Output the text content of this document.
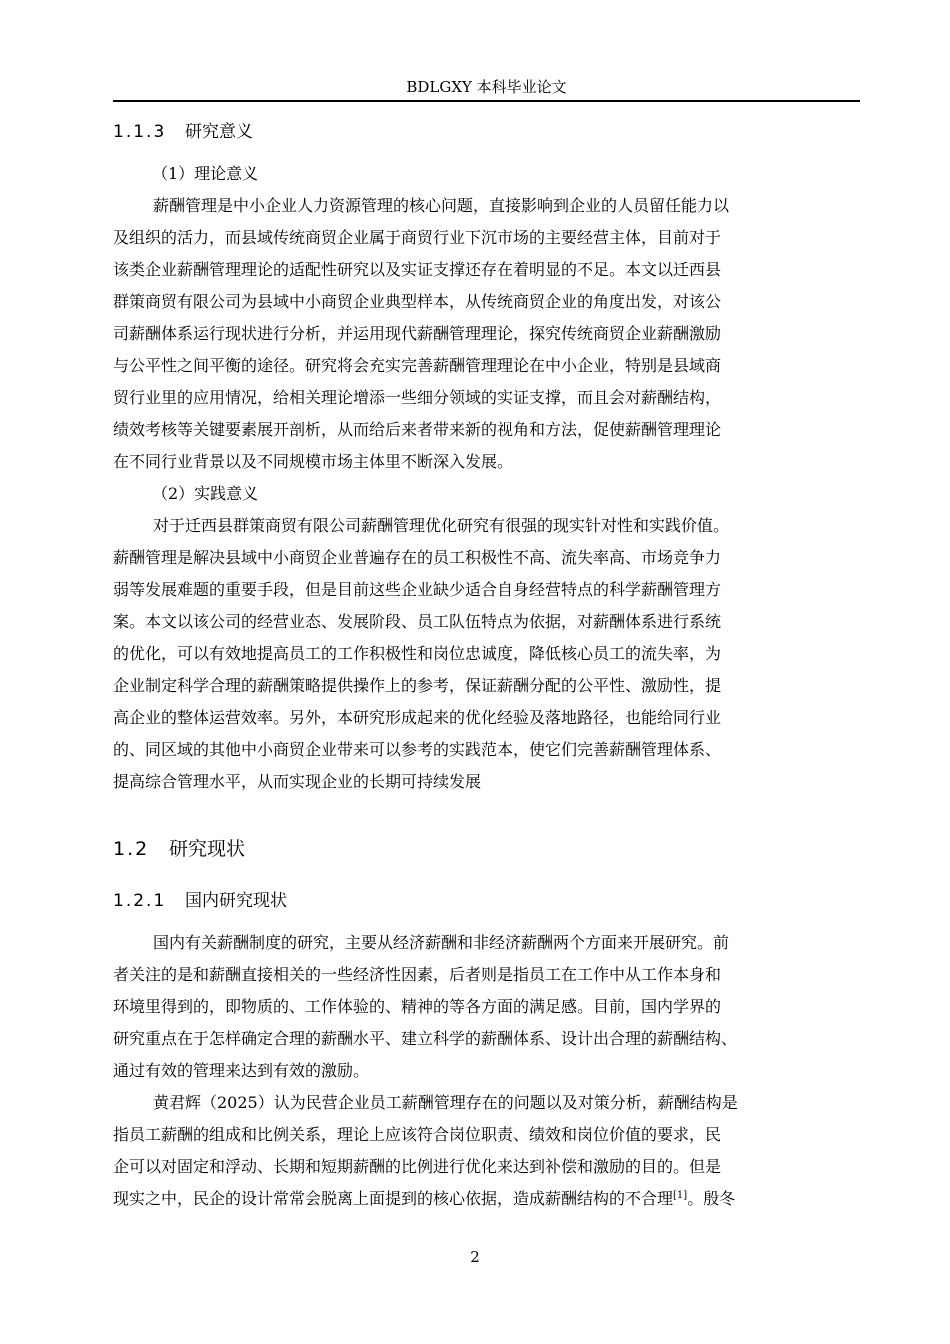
BDLGXY 本科毕业论文
1.1.3 研究意义
（1）理论意义
薪酬管理是中小企业人力资源管理的核心问题，直接影响到企业的人员留任能力以
及组织的活力，而县域传统商贸企业属于商贸行业下沉市场的主要经营主体，目前对于
该类企业薪酬管理理论的适配性研究以及实证支撑还存在着明显的不足。本文以迁西县
群策商贸有限公司为县域中小商贸企业典型样本，从传统商贸企业的角度出发，对该公
司薪酬体系运行现状进行分析，并运用现代薪酬管理理论，探究传统商贸企业薪酬激励
与公平性之间平衡的途径。研究将会充实完善薪酬管理理论在中小企业，特别是县域商
贸行业里的应用情况，给相关理论增添一些细分领域的实证支撑，而且会对薪酬结构，
绩效考核等关键要素展开剖析，从而给后来者带来新的视角和方法，促使薪酬管理理论
在不同行业背景以及不同规模市场主体里不断深入发展。
（2）实践意义
对于迁西县群策商贸有限公司薪酬管理优化研究有很强的现实针对性和实践价值。
薪酬管理是解决县域中小商贸企业普遍存在的员工积极性不高、流失率高、市场竞争力
弱等发展难题的重要手段，但是目前这些企业缺少适合自身经营特点的科学薪酬管理方
案。本文以该公司的经营业态、发展阶段、员工队伍特点为依据，对薪酬体系进行系统
的优化，可以有效地提高员工的工作积极性和岗位忠诚度，降低核心员工的流失率，为
企业制定科学合理的薪酬策略提供操作上的参考，保证薪酬分配的公平性、激励性，提
高企业的整体运营效率。另外，本研究形成起来的优化经验及落地路径，也能给同行业
的、同区域的其他中小商贸企业带来可以参考的实践范本，使它们完善薪酬管理体系、
提高综合管理水平，从而实现企业的长期可持续发展
1.2 研究现状
1.2.1 国内研究现状
国内有关薪酬制度的研究，主要从经济薪酬和非经济薪酬两个方面来开展研究。前
者关注的是和薪酬直接相关的一些经济性因素，后者则是指员工在工作中从工作本身和
环境里得到的，即物质的、工作体验的、精神的等各方面的满足感。目前，国内学界的
研究重点在于怎样确定合理的薪酬水平、建立科学的薪酬体系、设计出合理的薪酬结构、
通过有效的管理来达到有效的激励。
黄君辉（2025）认为民营企业员工薪酬管理存在的问题以及对策分析，薪酬结构是
指员工薪酬的组成和比例关系，理论上应该符合岗位职责、绩效和岗位价值的要求，民
企可以对固定和浮动、长期和短期薪酬的比例进行优化来达到补偿和激励的目的。但是
现实之中，民企的设计常常会脱离上面提到的核心依据，造成薪酬结构的不合理[1]。殷冬
2
